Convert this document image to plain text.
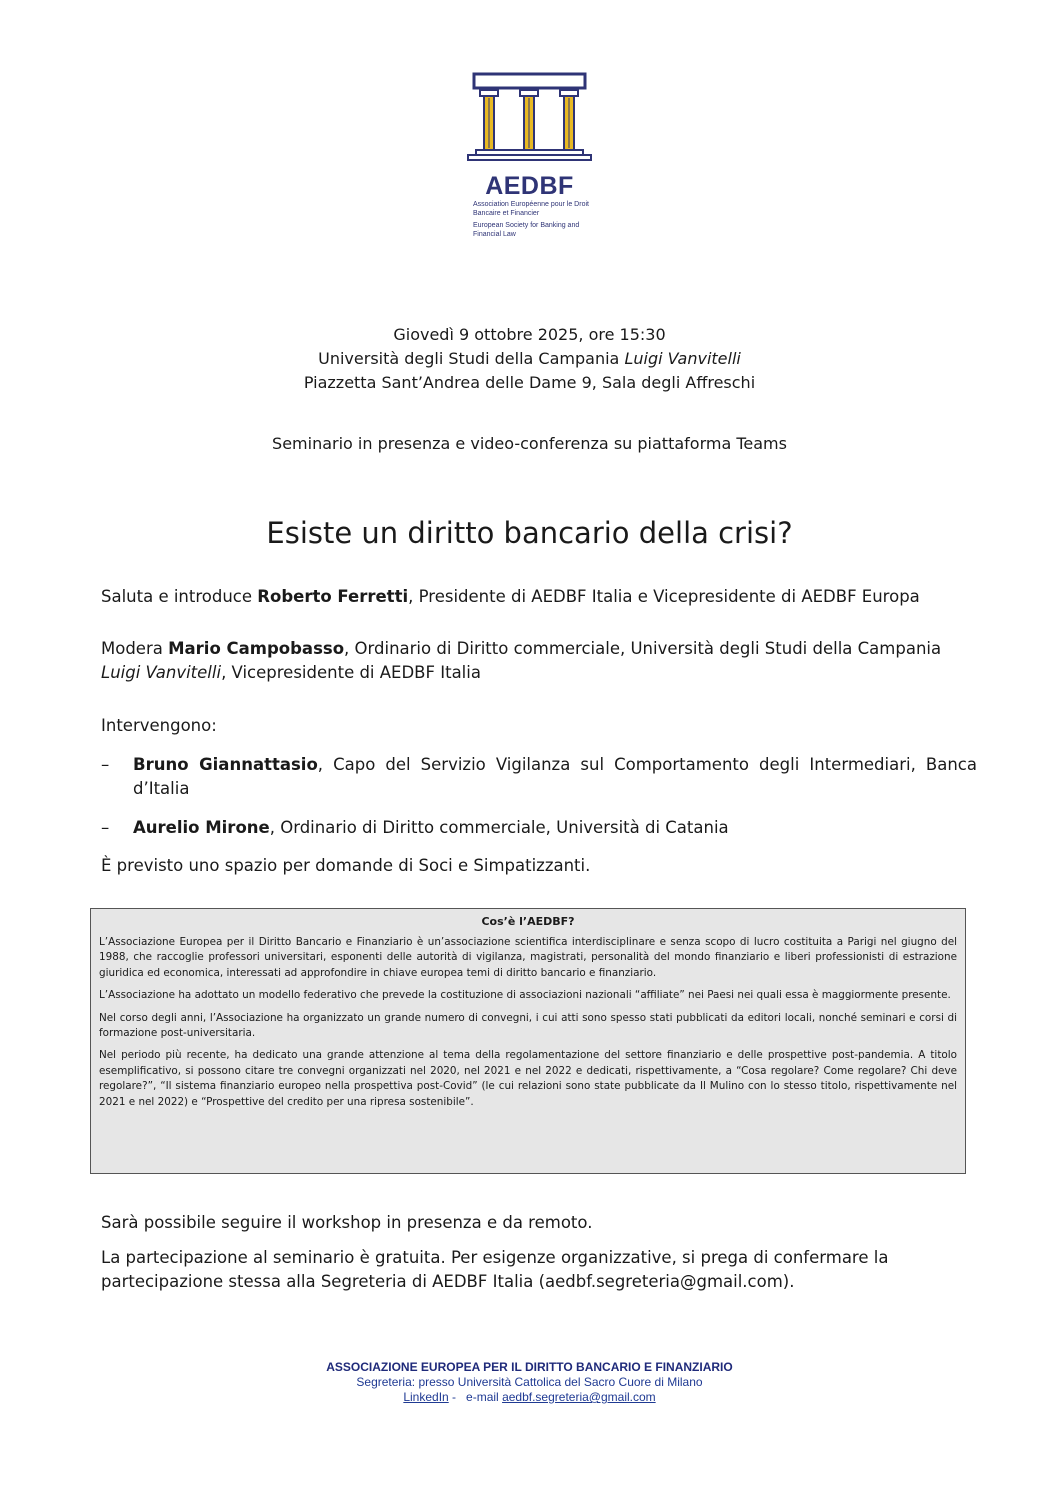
AEDBF
Association Européenne pour le Droit Bancaire et Financier
European Society for Banking and Financial Law
Giovedì 9 ottobre 2025, ore 15:30
Università degli Studi della Campania Luigi Vanvitelli
Piazzetta Sant’Andrea delle Dame 9, Sala degli Affreschi
Seminario in presenza e video-conferenza su piattaforma Teams
Esiste un diritto bancario della crisi?
Saluta e introduce Roberto Ferretti, Presidente di AEDBF Italia e Vicepresidente di AEDBF Europa
Modera Mario Campobasso, Ordinario di Diritto commerciale, Università degli Studi della Campania Luigi Vanvitelli, Vicepresidente di AEDBF Italia
Intervengono:
– Bruno Giannattasio, Capo del Servizio Vigilanza sul Comportamento degli Intermediari, Banca d’Italia
– Aurelio Mirone, Ordinario di Diritto commerciale, Università di Catania
È previsto uno spazio per domande di Soci e Simpatizzanti.
Cos’è l’AEDBF?

L’Associazione Europea per il Diritto Bancario e Finanziario è un’associazione scientifica interdisciplinare e senza scopo di lucro costituita a Parigi nel giugno del 1988, che raccoglie professori universitari, esponenti delle autorità di vigilanza, magistrati, personalità del mondo finanziario e liberi professionisti di estrazione giuridica ed economica, interessati ad approfondire in chiave europea temi di diritto bancario e finanziario.

L’Associazione ha adottato un modello federativo che prevede la costituzione di associazioni nazionali “affiliate” nei Paesi nei quali essa è maggiormente presente.

Nel corso degli anni, l’Associazione ha organizzato un grande numero di convegni, i cui atti sono spesso stati pubblicati da editori locali, nonché seminari e corsi di formazione post-universitaria.

Nel periodo più recente, ha dedicato una grande attenzione al tema della regolamentazione del settore finanziario e delle prospettive post-pandemia. A titolo esemplificativo, si possono citare tre convegni organizzati nel 2020, nel 2021 e nel 2022 e dedicati, rispettivamente, a “Cosa regolare? Come regolare? Chi deve regolare?”, “Il sistema finanziario europeo nella prospettiva post-Covid” (le cui relazioni sono state pubblicate da Il Mulino con lo stesso titolo, rispettivamente nel 2021 e nel 2022) e “Prospettive del credito per una ripresa sostenibile”.

Sarà possibile seguire il workshop in presenza e da remoto.
La partecipazione al seminario è gratuita. Per esigenze organizzative, si prega di confermare la partecipazione stessa alla Segreteria di AEDBF Italia (aedbf.segreteria@gmail.com).
ASSOCIAZIONE EUROPEA PER IL DIRITTO BANCARIO E FINANZIARIO
Segreteria: presso Università Cattolica del Sacro Cuore di Milano
LinkedIn -   e-mail aedbf.segreteria@gmail.com
